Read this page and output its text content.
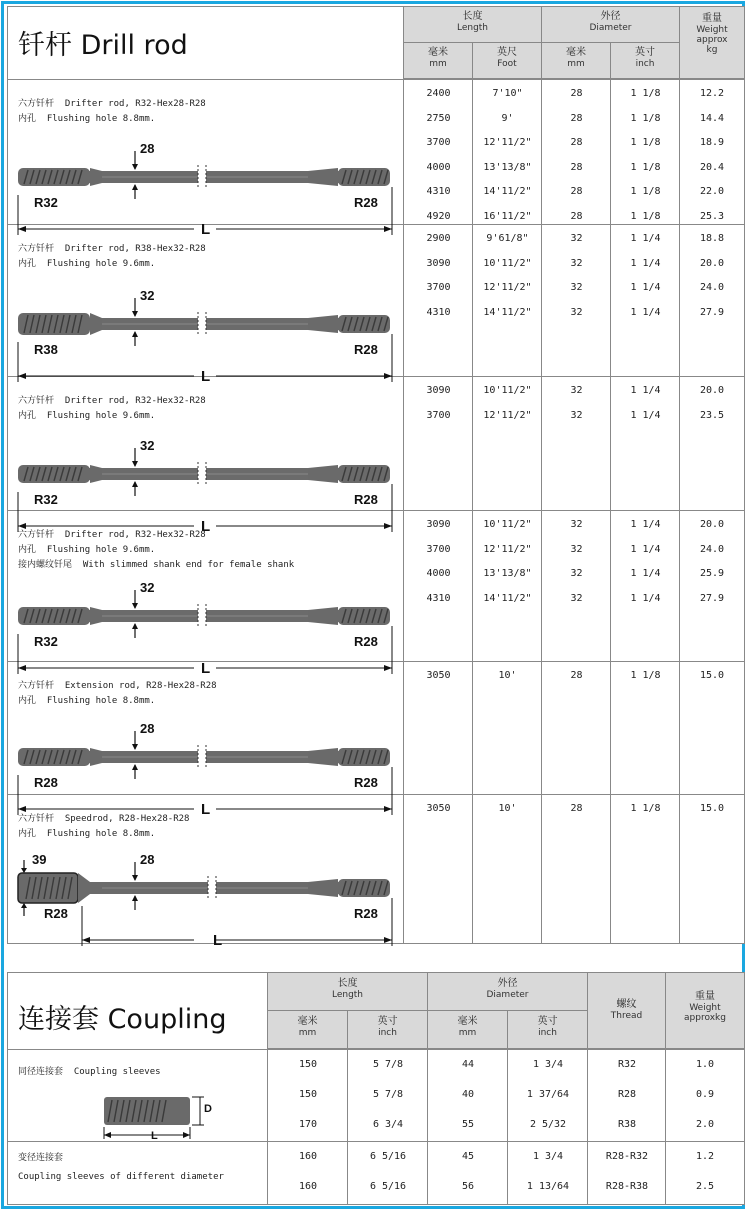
钎杆 Drill rod
长度
Length
外径
Diameter
重量
Weight
approx
kg
毫米
mm
英尺
Foot
毫米
mm
英寸
inch
六方钎杆  Drifter rod, R32-Hex28-R28
内孔  Flushing hole 8.8mm.
R32	R28
28
L
2400	7'10"	28	1 1/8	12.2
2750	9'	28	1 1/8	14.4
3700	12'11/2"	28	1 1/8	18.9
4000	13'13/8"	28	1 1/8	20.4
4310	14'11/2"	28	1 1/8	22.0
4920	16'11/2"	28	1 1/8	25.3
六方钎杆  Drifter rod, R38-Hex32-R28
内孔  Flushing hole 9.6mm.
R38	R28
32
L
2900	9'61/8"	32	1 1/4	18.8
3090	10'11/2"	32	1 1/4	20.0
3700	12'11/2"	32	1 1/4	24.0
4310	14'11/2"	32	1 1/4	27.9
六方钎杆  Drifter rod, R32-Hex32-R28
内孔  Flushing hole 9.6mm.
R32	R28
32
L
3090	10'11/2"	32	1 1/4	20.0
3700	12'11/2"	32	1 1/4	23.5
六方钎杆  Drifter rod, R32-Hex32-R28
内孔  Flushing hole 9.6mm.
接内螺纹钎尾  With slimmed shank end for female shank
R32	R28
32
L
3090	10'11/2"	32	1 1/4	20.0
3700	12'11/2"	32	1 1/4	24.0
4000	13'13/8"	32	1 1/4	25.9
4310	14'11/2"	32	1 1/4	27.9
六方钎杆  Extension rod, R28-Hex28-R28
内孔  Flushing hole 8.8mm.
R28	R28
28
L
3050	10'	28	1 1/8	15.0
六方钎杆  Speedrod, R28-Hex28-R28
内孔  Flushing hole 8.8mm.
R28	R28
28
L
39
3050	10'	28	1 1/8	15.0
连接套 Coupling
长度
Length
外径
Diameter
螺纹
Thread
重量
Weight
approxkg
毫米
mm
英寸
inch
毫米
mm
英寸
inch
同径连接套  Coupling sleeves
150	5 7/8	44	1 3/4	R32	1.0
150	5 7/8	40	1 37/64	R28	0.9
170	6 3/4	55	2 5/32	R38	2.0
变径连接套
Coupling sleeves of different diameter
160	6 5/16	45	1 3/4	R28-R32	1.2
160	6 5/16	56	1 13/64	R28-R38	2.5
D
L
